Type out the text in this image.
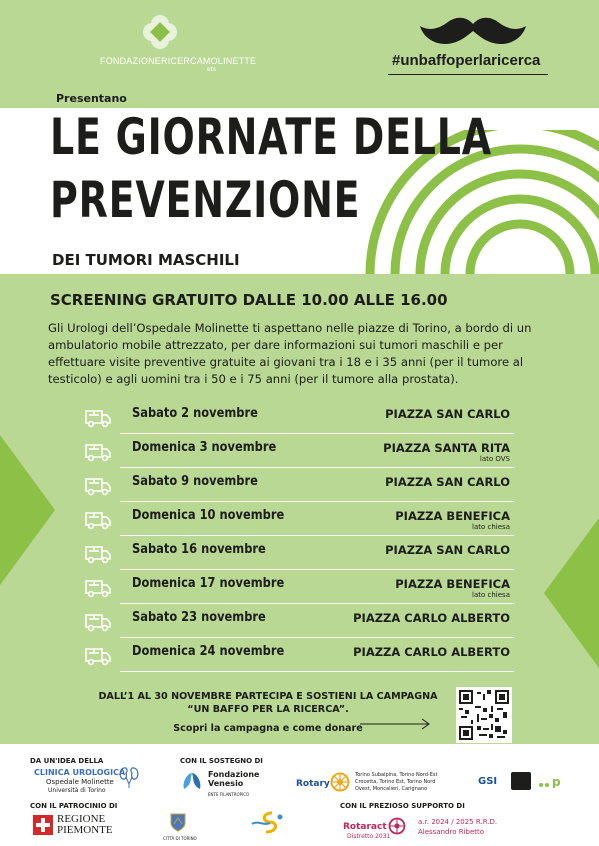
FONDAZIONERICERCAMOLINETTE
ets
#unbaffoperlaricerca
Presentano
LE GIORNATE DELLA
PREVENZIONE
DEI TUMORI MASCHILI
SCREENING GRATUITO DALLE 10.00 ALLE 16.00
Gli Urologi dell’Ospedale Molinette ti aspettano nelle piazze di Torino, a bordo di un ambulatorio mobile attrezzato, per dare informazioni sui tumori maschili e per effettuare visite preventive gratuite ai giovani tra i 18 e i 35 anni (per il tumore al testicolo) e agli uomini tra i 50 e i 75 anni (per il tumore alla prostata).
Sabato 2 novembre	PIAZZA SAN CARLO
Domenica 3 novembre	PIAZZA SANTA RITA
lato OVS
Sabato 9 novembre	PIAZZA SAN CARLO
Domenica 10 novembre	PIAZZA BENEFICA
lato chiesa
Sabato 16 novembre	PIAZZA SAN CARLO
Domenica 17 novembre	PIAZZA BENEFICA
lato chiesa
Sabato 23 novembre	PIAZZA CARLO ALBERTO
Domenica 24 novembre	PIAZZA CARLO ALBERTO
DALL’1 AL 30 NOVEMBRE PARTECIPA E SOSTIENI LA CAMPAGNA “UN BAFFO PER LA RICERCA”.
Scopri la campagna e come donare
DA UN'IDEA DELLA
CLINICA UROLOGICA
Ospedale Molinette
Università di Torino
CON IL SOSTEGNO DI
Fondazione
Venesio
ENTE FILANTROPICO
Rotary
Torino Subalpina, Torino Nord-Est
Crocetta, Torino Est, Torino Nord
Ovest, Moncalieri, Carignano
GSI	p
CON IL PATROCINIO DI
REGIONE
PIEMONTE
CITTÀ DI TORINO
CON IL PREZIOSO SUPPORTO DI
Rotaract
Distretto 2031
a.r. 2024 / 2025 R.R.D.
Alessandro Ribetto
